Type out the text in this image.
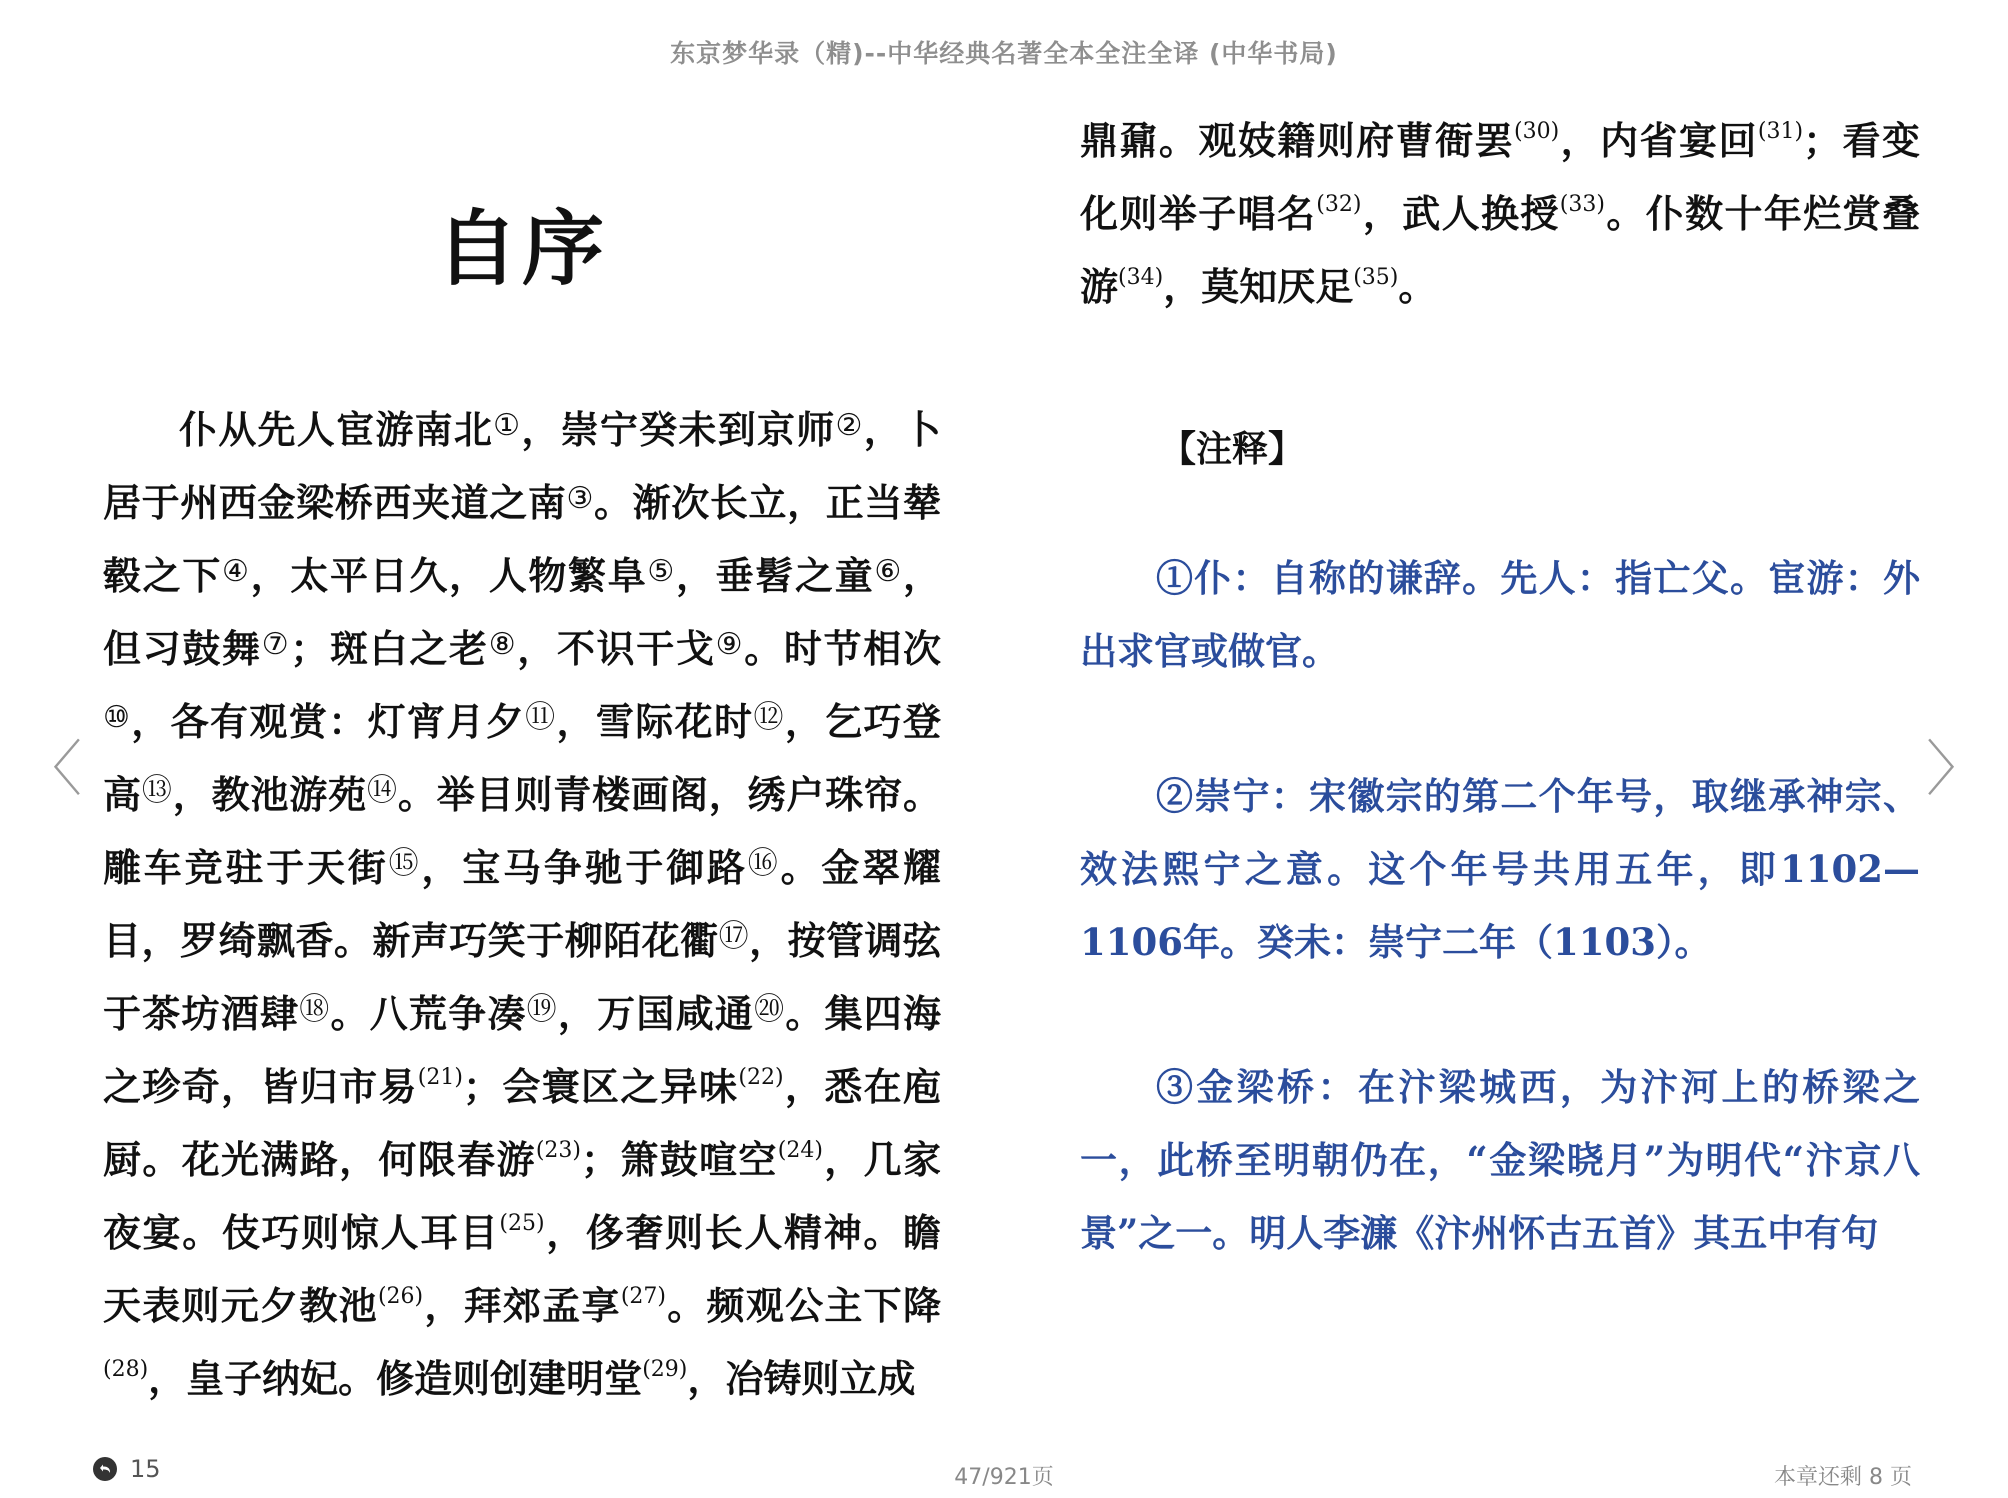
东京梦华录（精)--中华经典名著全本全注全译 (中华书局)
自序

仆从先人宦游南北①，崇宁癸未到京师②，卜居于州西金梁桥西夹道之南③。渐次长立，正当辇毂之下④，太平日久，人物繁阜⑤，垂髫之童⑥，但习鼓舞⑦；斑白之老⑧，不识干戈⑨。时节相次⑩，各有观赏：灯宵月夕⑪，雪际花时⑫，乞巧登高⑬，教池游苑⑭。举目则青楼画阁，绣户珠帘。雕车竞驻于天街⑮，宝马争驰于御路⑯。金翠耀目，罗绮飘香。新声巧笑于柳陌花衢⑰，按管调弦于茶坊酒肆⑱。八荒争凑⑲，万国咸通⑳。集四海之珍奇，皆归市易$^{(21)}$；会寰区之异味$^{(22)}$，悉在庖厨。花光满路，何限春游$^{(23)}$；箫鼓喧空$^{(24)}$，几家夜宴。伎巧则惊人耳目$^{(25)}$，侈奢则长人精神。瞻天表则元夕教池$^{(26)}$，拜郊孟享$^{(27)}$。频观公主下降$^{(28)}$，皇子纳妃。修造则创建明堂$^{(29)}$，冶铸则立成

鼎鼐。观妓籍则府曹衙罢$^{(30)}$，内省宴回$^{(31)}$；看变化则举子唱名$^{(32)}$，武人换授$^{(33)}$。仆数十年烂赏叠游$^{(34)}$，莫知厌足$^{(35)}$。

【注释】

①仆：自称的谦辞。先人：指亡父。宦游：外出求官或做官。

②崇宁：宋徽宗的第二个年号，取继承神宗、效法熙宁之意。这个年号共用五年，即1102—1106年。癸未：崇宁二年（1103）。

③金梁桥：在汴梁城西，为汴河上的桥梁之一，此桥至明朝仍在，“金梁晓月”为明代“汴京八景”之一。明人李濂《汴州怀古五首》其五中有句

〈	〉
15	47/921页	本章还剩 8 页
